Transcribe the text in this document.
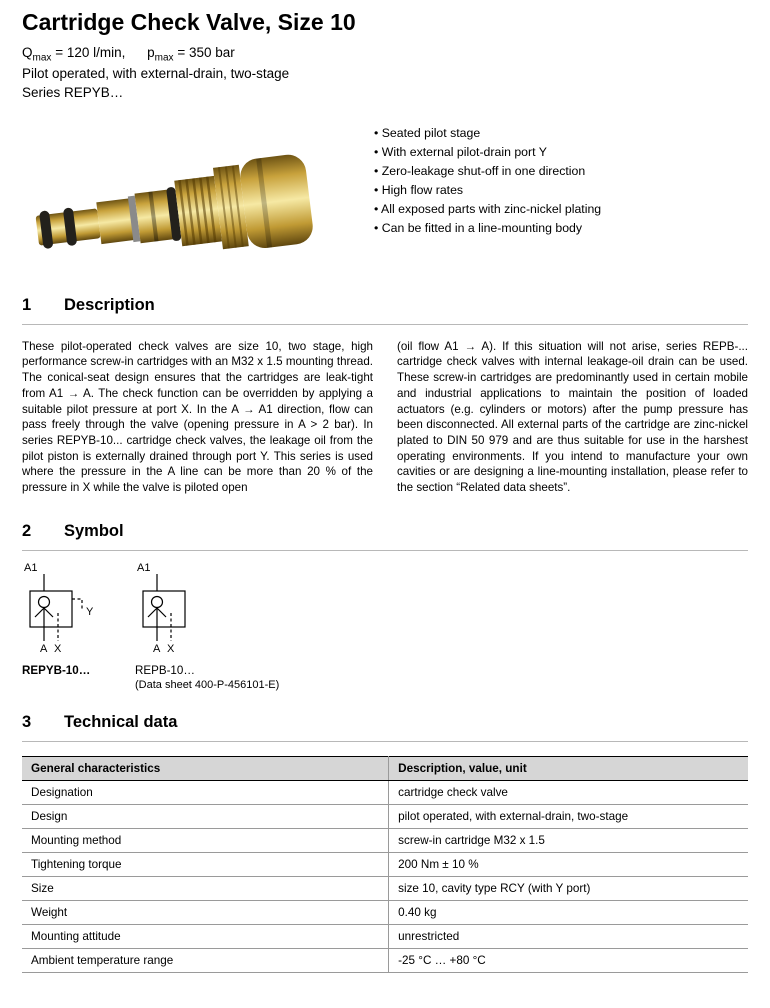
Cartridge Check Valve, Size 10
$Q_{max} = 120$ l/min, $p_{max} = 350$ bar
Pilot operated, with external-drain, two-stage
Series REPYB…
• Seated pilot stage
• With external pilot-drain port Y
• Zero-leakage shut-off in one direction
• High flow rates
• All exposed parts with zinc-nickel plating
• Can be fitted in a line-mounting body
1	Description

These pilot-operated check valves are size 10, two stage, high performance screw-in cartridges with an M32 x 1.5 mounting thread. The conical-seat design ensures that the cartridges are leak-tight from A1 → A. The check function can be overridden by applying a suitable pilot pressure at port X. In the A → A1 direction, flow can pass freely through the valve (opening pressure in A > 2 bar). In series REPYB-10... cartridge check valves, the leakage oil from the pilot piston is externally drained through port Y. This series is used where the pressure in the A line can be more than 20 % of the pressure in X while the valve is piloted open

(oil flow A1 → A). If this situation will not arise, series REPB-... cartridge check valves with internal leakage-oil drain can be used. These screw-in cartridges are predominantly used in certain mobile and industrial applications to maintain the position of loaded actuators (e.g. cylinders or motors) after the pump pressure has been disconnected. All external parts of the cartridge are zinc-nickel plated to DIN 50 979 and are thus suitable for use in the harshest operating environments. If you intend to manufacture your own cavities or are designing a line-mounting installation, please refer to the section “Related data sheets”.

2	Symbol
A1
Y
A X
A1
A X
REPYB-10…	REPB-10…
(Data sheet 400-P-456101-E)
3	Technical data
General characteristics	Description, value, unit
Designation	cartridge check valve
Design	pilot operated, with external-drain, two-stage
Mounting method	screw-in cartridge M32 x 1.5
Tightening torque	200 Nm ± 10 %
Size	size 10, cavity type RCY (with Y port)
Weight	0.40 kg
Mounting attitude	unrestricted
Ambient temperature range	-25 °C … +80 °C
